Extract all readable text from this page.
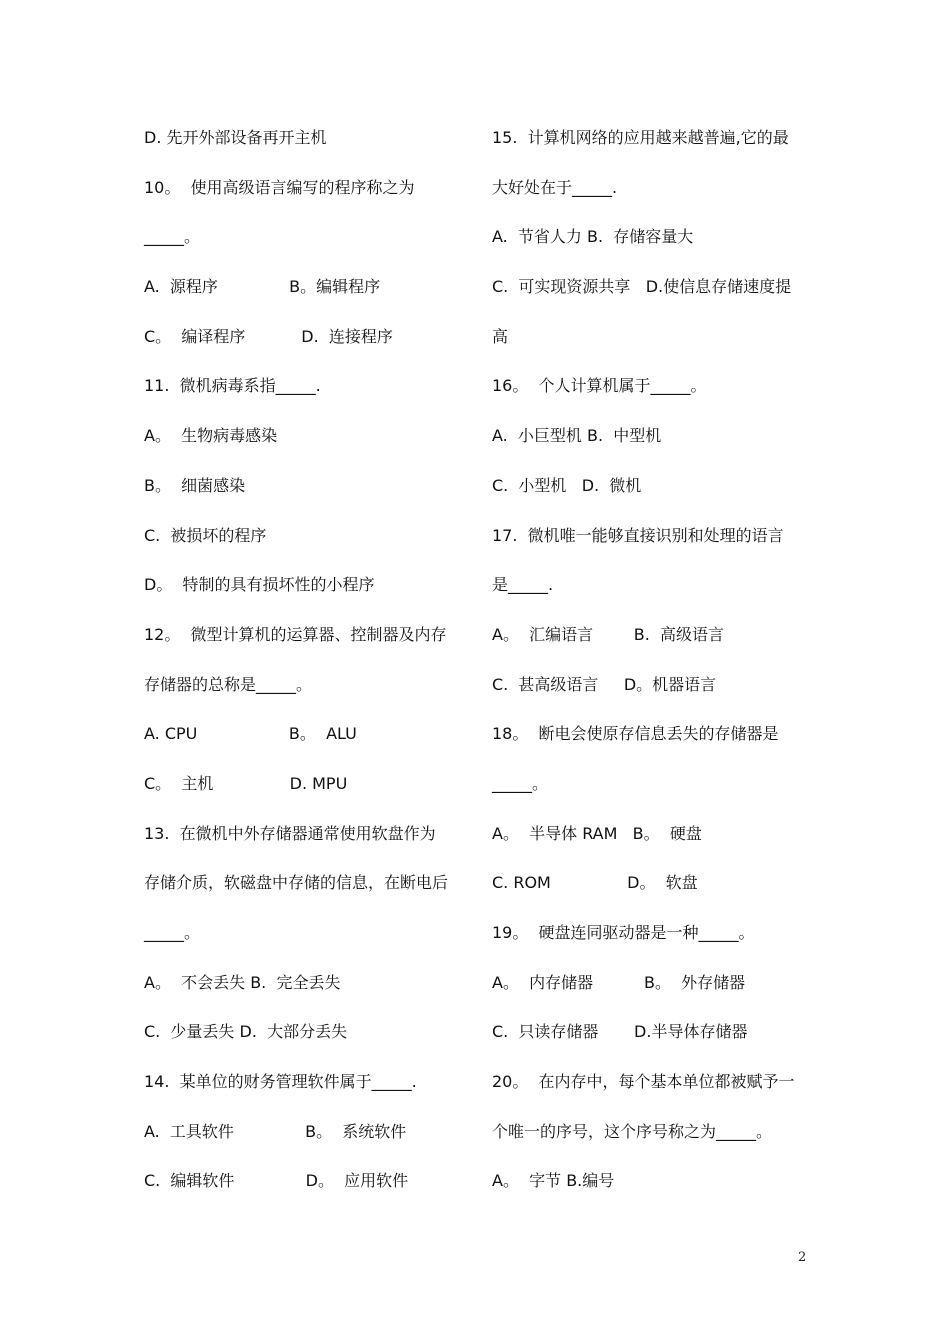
D. 先开外部设备再开主机
10。  使用高级语言编写的程序称之为
_____。
A.  源程序              B。编辑程序
C。  编译程序           D.  连接程序
11.  微机病毒系指_____.
A。  生物病毒感染
B。  细菌感染
C.  被损坏的程序
D。  特制的具有损坏性的小程序
12。  微型计算机的运算器、控制器及内存
存储器的总称是_____。
A. CPU                  B。  ALU
C。  主机               D. MPU
13.  在微机中外存储器通常使用软盘作为
存储介质，软磁盘中存储的信息，在断电后
_____。
A。  不会丢失 B.  完全丢失
C.  少量丢失 D.  大部分丢失
14.  某单位的财务管理软件属于_____.
A.  工具软件              B。  系统软件
C.  编辑软件              D。  应用软件
15.  计算机网络的应用越来越普遍,它的最
大好处在于_____.
A.  节省人力 B.  存储容量大
C.  可实现资源共享   D.使信息存储速度提
高
16。  个人计算机属于_____。
A.  小巨型机 B.  中型机
C.  小型机   D.  微机
17.  微机唯一能够直接识别和处理的语言
是_____.
A。  汇编语言        B.  高级语言
C.  甚高级语言     D。机器语言
18。  断电会使原存信息丢失的存储器是
_____。
A。  半导体 RAM   B。  硬盘
C. ROM               D。  软盘
19。  硬盘连同驱动器是一种_____。
A。  内存储器          B。  外存储器
C.  只读存储器       D.半导体存储器
20。  在内存中，每个基本单位都被赋予一
个唯一的序号，这个序号称之为_____。
A。  字节 B.编号
2
